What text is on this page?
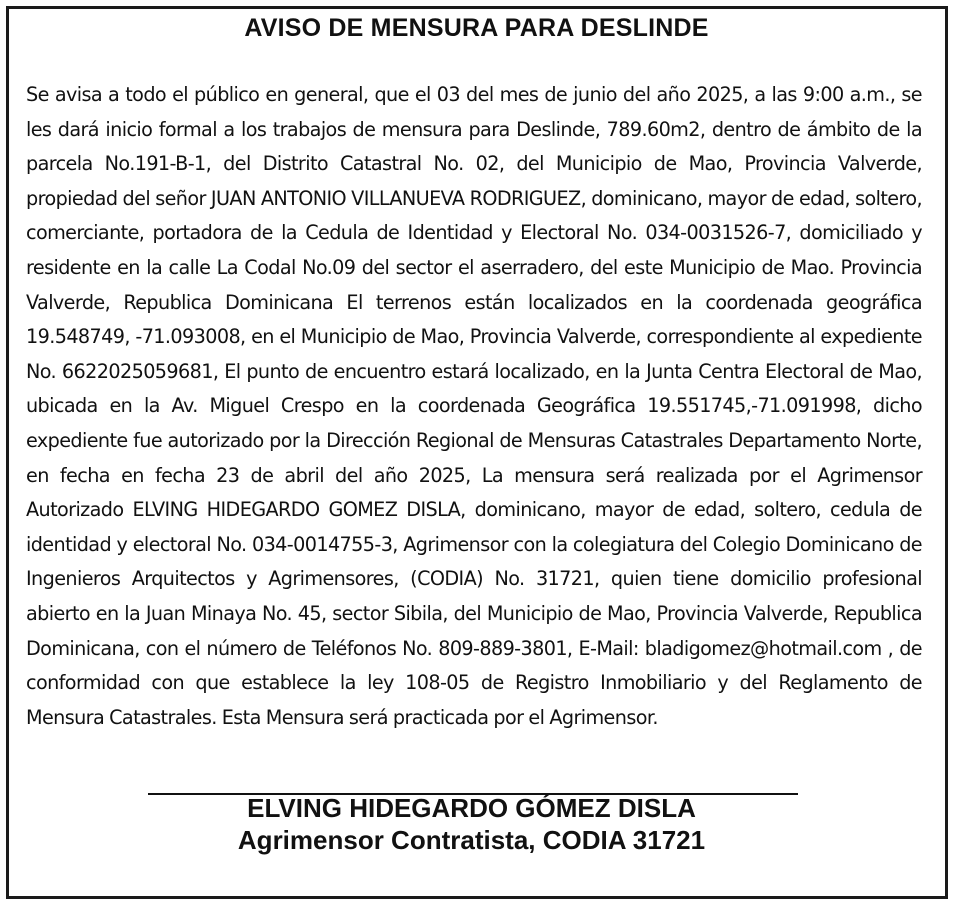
AVISO DE MENSURA PARA DESLINDE
Se avisa a todo el público en general, que el 03 del mes de junio del año 2025, a las 9:00 a.m., se les dará inicio formal a los trabajos de mensura para Deslinde, 789.60m2, dentro de ámbito de la parcela No.191-B-1, del Distrito Catastral No. 02, del Municipio de Mao, Provincia Valverde, propiedad del señor JUAN ANTONIO VILLANUEVA RODRIGUEZ, dominicano, mayor de edad, soltero, comerciante, portadora de la Cedula de Identidad y Electoral No. 034-0031526-7, domiciliado y residente en la calle La Codal No.09 del sector el aserradero, del este Municipio de Mao. Provincia Valverde, Republica Dominicana El terrenos están localizados en la coordenada geográfica 19.548749, -71.093008, en el Municipio de Mao, Provincia Valverde, correspondiente al expediente No. 6622025059681, El punto de encuentro estará localizado, en la Junta Centra Electoral de Mao, ubicada en la Av. Miguel Crespo en la coordenada Geográfica 19.551745,-71.091998, dicho expediente fue autorizado por la Dirección Regional de Mensuras Catastrales Departamento Norte, en fecha en fecha 23 de abril del año 2025, La mensura será realizada por el Agrimensor Autorizado ELVING HIDEGARDO GOMEZ DISLA, dominicano, mayor de edad, soltero, cedula de identidad y electoral No. 034-0014755-3, Agrimensor con la colegiatura del Colegio Dominicano de Ingenieros Arquitectos y Agrimensores, (CODIA) No. 31721, quien tiene domicilio profesional abierto en la Juan Minaya No. 45, sector Sibila, del Municipio de Mao, Provincia Valverde, Republica Dominicana, con el número de Teléfonos No. 809-889-3801, E-Mail: bladigomez@hotmail.com , de conformidad con que establece la ley 108-05 de Registro Inmobiliario y del Reglamento de Mensura Catastrales. Esta Mensura será practicada por el Agrimensor.
ELVING HIDEGARDO GÓMEZ DISLA
Agrimensor Contratista, CODIA 31721
